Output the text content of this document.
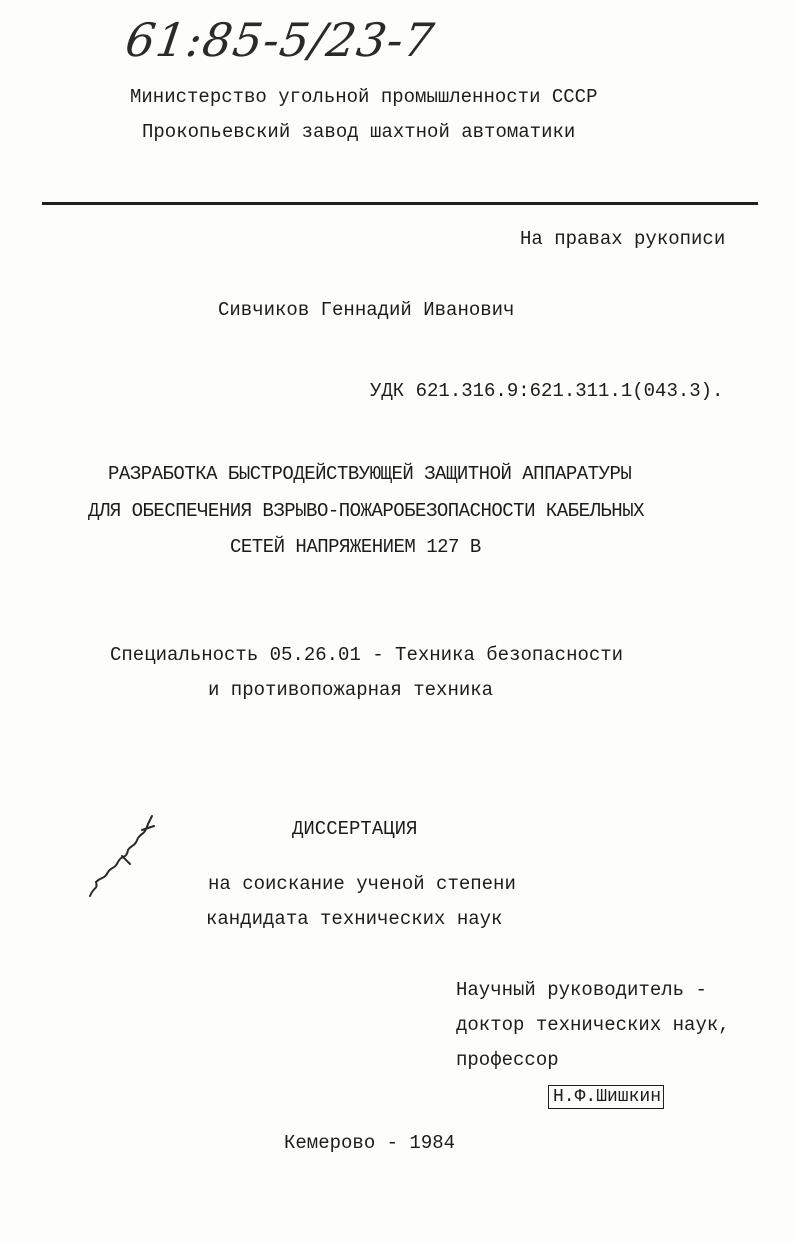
61:85-5/23-7
Министерство угольной промышленности СССР
Прокопьевский завод шахтной автоматики
На правах рукописи
Сивчиков Геннадий Иванович
УДК 621.316.9:621.311.1(043.3).
РАЗРАБОТКА БЫСТРОДЕЙСТВУЮЩЕЙ ЗАЩИТНОЙ АППАРАТУРЫ
ДЛЯ ОБЕСПЕЧЕНИЯ ВЗРЫВО-ПОЖАРОБЕЗОПАСНОСТИ КАБЕЛЬНЫХ
СЕТЕЙ НАПРЯЖЕНИЕМ 127 В
Специальность 05.26.01 - Техника безопасности
и противопожарная техника
ДИССЕРТАЦИЯ
на соискание ученой степени
кандидата технических наук
Научный руководитель -
доктор технических наук,
профессор
Н.Ф.Шишкин
Кемерово - 1984
